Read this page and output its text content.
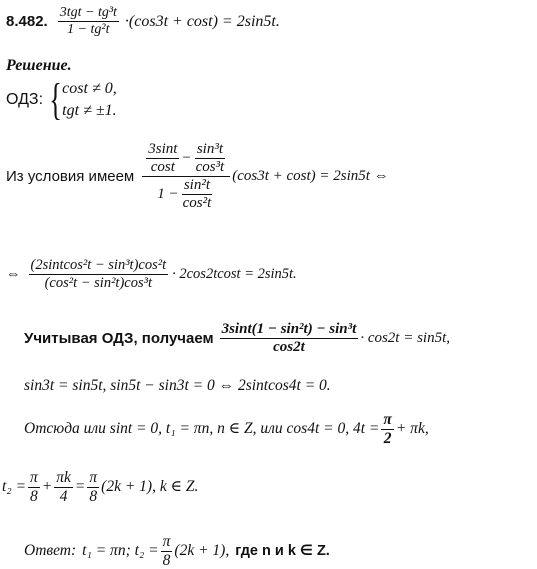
8.482. $\frac{\text{3tgt − tg³t}}{\text{1 − tg²t}} \cdot(\cos 3t + \cos t) = 2\sin 5t$.
Решение.
ОДЗ: { cost ≠ 0,
tgt ≠ ±1.
Из условия имеем
$\frac{3\sin t}{\cos t} - \frac{\text{sin³t}}{\text{cos³t}}$
$1 - \frac{\text{sin²t}}{\text{cos²t}}$
(cos3t + cost) = 2sin5t ⇔
⇔ $\frac{\text{(2sintcos²t − sin³t)cos²t}}{\text{(cos²t − sin²t)cos³t}} \cdot 2\cos 2tcost = 2\sin 5t$.
Учитывая ОДЗ, получаем $\frac{\text{3sint(1 − sin²t) − sin³t}}{\cos 2t} \cdot \cos 2t = \sin 5t$,
sin3t = sin5t, sin5t − sin3t = 0 ⇔ 2sintcos4t = 0.
Отсюда или sint = 0, t₁ = πn, n ∈ Z, или cos4t = 0, $4t = \frac{\pi}{2} + \pi k$,
$t_2 = \frac{\pi}{8} + \frac{\pi k}{4} = \frac{\pi}{8} (2k + 1)$, k ∈ Z.
Ответ: t₁ = πn; $t_2 = \frac{\pi}{8} (2k + 1)$, где n и k ∈ Z.
